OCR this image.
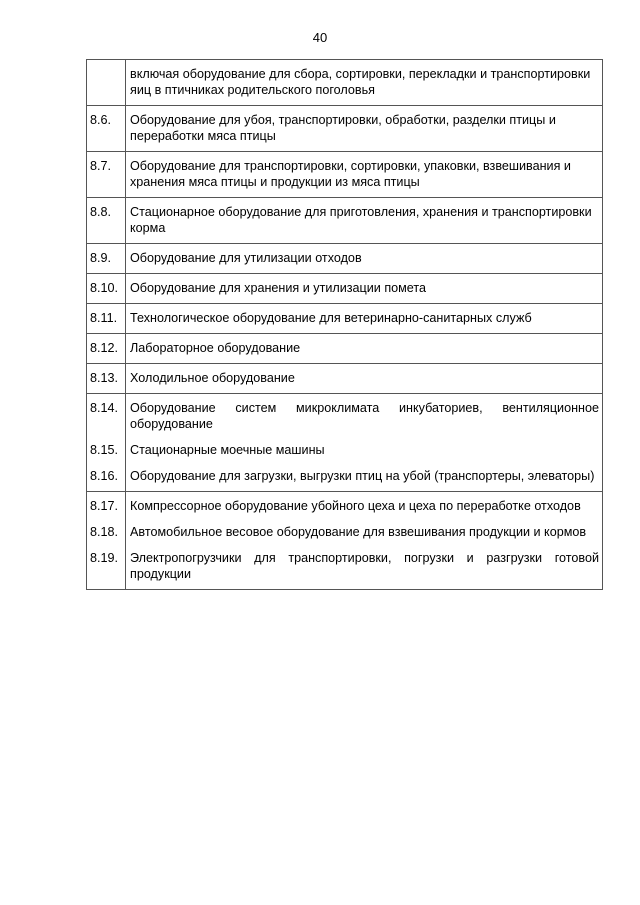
40
	включая оборудование для сбора, сортировки, перекладки и транспортировки яиц в птичниках родительского поголовья
8.6.	Оборудование для убоя, транспортировки, обработки, разделки птицы и переработки мяса птицы
8.7.	Оборудование для транспортировки, сортировки, упаковки, взвешивания и хранения мяса птицы и продукции из мяса птицы
8.8.	Стационарное оборудование для приготовления, хранения и транспортировки корма
8.9.	Оборудование для утилизации отходов
8.10.	Оборудование для хранения и утилизации помета
8.11.	Технологическое оборудование для ветеринарно-санитарных служб
8.12.	Лабораторное оборудование
8.13.	Холодильное оборудование
8.14.	Оборудование систем микроклимата инкубаториев, вентиляционное оборудование
8.15.	Стационарные моечные машины
8.16.	Оборудование для загрузки, выгрузки птиц на убой (транспортеры, элеваторы)
8.17.	Компрессорное оборудование убойного цеха и цеха по переработке отходов
8.18.	Автомобильное весовое оборудование для взвешивания продукции и кормов
8.19.	Электропогрузчики для транспортировки, погрузки и разгрузки готовой продукции
